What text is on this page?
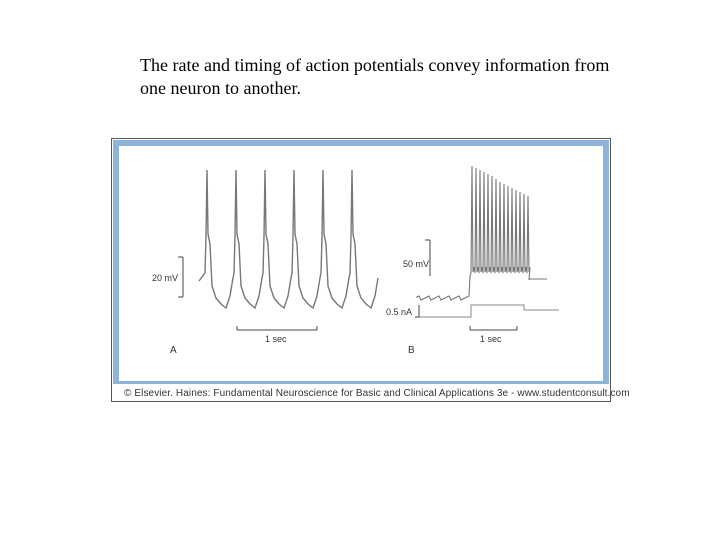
The rate and timing of action potentials convey information from
one neuron to another.
20 mV
1 sec
A
50 mV
0.5 nA
1 sec
B
© Elsevier. Haines: Fundamental Neuroscience for Basic and Clinical Applications 3e - www.studentconsult.com
